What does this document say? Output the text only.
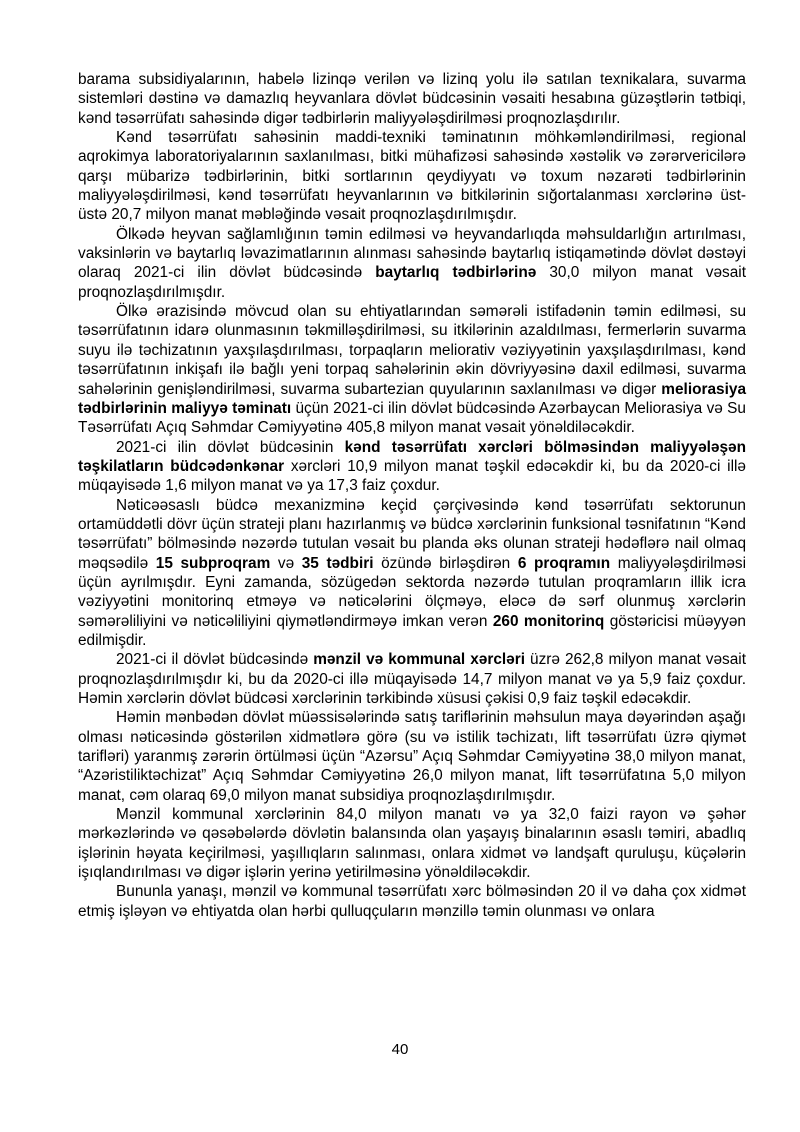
barama subsidiyalarının, habelə lizinqə verilən və lizinq yolu ilə satılan texnikalara, suvarma sistemləri dəstinə və damazlıq heyvanlara dövlət büdcəsinin vəsaiti hesabına güzəştlərin tətbiqi, kənd təsərrüfatı sahəsində digər tədbirlərin maliyyələşdirilməsi proqnozlaşdırılır.

Kənd təsərrüfatı sahəsinin maddi-texniki təminatının möhkəmləndirilməsi, regional aqrokimya laboratoriyalarının saxlanılması, bitki mühafizəsi sahəsində xəstəlik və zərərvericilərə qarşı mübarizə tədbirlərinin, bitki sortlarının qeydiyyatı və toxum nəzarəti tədbirlərinin maliyyələşdirilməsi, kənd təsərrüfatı heyvanlarının və bitkilərinin sığortalanması xərclərinə üst-üstə 20,7 milyon manat məbləğində vəsait proqnozlaşdırılmışdır.

Ölkədə heyvan sağlamlığının təmin edilməsi və heyvandarlıqda məhsuldarlığın artırılması, vaksinlərin və baytarlıq ləvazimatlarının alınması sahəsində baytarlıq istiqamətində dövlət dəstəyi olaraq 2021-ci ilin dövlət büdcəsində baytarlıq tədbirlərinə 30,0 milyon manat vəsait proqnozlaşdırılmışdır.

Ölkə ərazisində mövcud olan su ehtiyatlarından səmərəli istifadənin təmin edilməsi, su təsərrüfatının idarə olunmasının təkmilləşdirilməsi, su itkilərinin azaldılması, fermerlərin suvarma suyu ilə təchizatının yaxşılaşdırılması, torpaqların meliorativ vəziyyətinin yaxşılaşdırılması, kənd təsərrüfatının inkişafı ilə bağlı yeni torpaq sahələrinin əkin dövriyyəsinə daxil edilməsi, suvarma sahələrinin genişləndirilməsi, suvarma subartezian quyularının saxlanılması və digər meliorasiya tədbirlərinin maliyyə təminatı üçün 2021-ci ilin dövlət büdcəsində Azərbaycan Meliorasiya və Su Təsərrüfatı Açıq Səhmdar Cəmiyyətinə 405,8 milyon manat vəsait yönəldiləcəkdir.

2021-ci ilin dövlət büdcəsinin kənd təsərrüfatı xərcləri bölməsindən maliyyələşən təşkilatların büdcədənkənar xərcləri 10,9 milyon manat təşkil edəcəkdir ki, bu da 2020-ci illə müqayisədə 1,6 milyon manat və ya 17,3 faiz çoxdur.

Nəticəəsaslı büdcə mexanizminə keçid çərçivəsində kənd təsərrüfatı sektorunun ortamüddətli dövr üçün strateji planı hazırlanmış və büdcə xərclərinin funksional təsnifatının “Kənd təsərrüfatı” bölməsində nəzərdə tutulan vəsait bu planda əks olunan strateji hədəflərə nail olmaq məqsədilə 15 subproqram və 35 tədbiri özündə birləşdirən 6 proqramın maliyyələşdirilməsi üçün ayrılmışdır. Eyni zamanda, sözügedən sektorda nəzərdə tutulan proqramların illik icra vəziyyətini monitorinq etməyə və nəticələrini ölçməyə, eləcə də sərf olunmuş xərclərin səmərəliliyini və nəticəliliyini qiymətləndirməyə imkan verən 260 monitorinq göstəricisi müəyyən edilmişdir.

2021-ci il dövlət büdcəsində mənzil və kommunal xərcləri üzrə 262,8 milyon manat vəsait proqnozlaşdırılmışdır ki, bu da 2020-ci illə müqayisədə 14,7 milyon manat və ya 5,9 faiz çoxdur. Həmin xərclərin dövlət büdcəsi xərclərinin tərkibində xüsusi çəkisi 0,9 faiz təşkil edəcəkdir.

Həmin mənbədən dövlət müəssisələrində satış tariflərinin məhsulun maya dəyərindən aşağı olması nəticəsində göstərilən xidmətlərə görə (su və istilik təchizatı, lift təsərrüfatı üzrə qiymət tarifləri) yaranmış zərərin örtülməsi üçün “Azərsu” Açıq Səhmdar Cəmiyyətinə 38,0 milyon manat, “Azəristiliktəchizat” Açıq Səhmdar Cəmiyyətinə 26,0 milyon manat, lift təsərrüfatına 5,0 milyon manat, cəm olaraq 69,0 milyon manat subsidiya proqnozlaşdırılmışdır.

Mənzil kommunal xərclərinin 84,0 milyon manatı və ya 32,0 faizi rayon və şəhər mərkəzlərində və qəsəbələrdə dövlətin balansında olan yaşayış binalarının əsaslı təmiri, abadlıq işlərinin həyata keçirilməsi, yaşıllıqların salınması, onlara xidmət və landşaft quruluşu, küçələrin işıqlandırılması və digər işlərin yerinə yetirilməsinə yönəldiləcəkdir.

Bununla yanaşı, mənzil və kommunal təsərrüfatı xərc bölməsindən 20 il və daha çox xidmət etmiş işləyən və ehtiyatda olan hərbi qulluqçuların mənzillə təmin olunması və onlara

40
